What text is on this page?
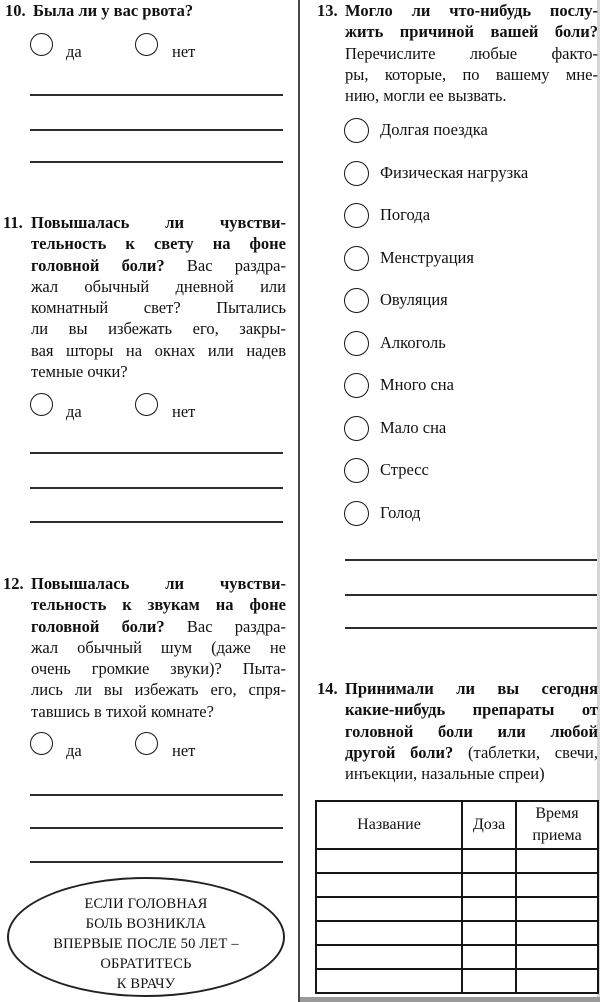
10. Была ли у вас рвота?
да	нет
11. Повышалась ли чувстви-
тельность к свету на фоне
головной боли? Вас раздра-
жал обычный дневной или
комнатный свет? Пытались
ли вы избежать его, закры-
вая шторы на окнах или надев
темные очки?
да	нет
12. Повышалась ли чувстви-
тельность к звукам на фоне
головной боли? Вас раздра-
жал обычный шум (даже не
очень громкие звуки)? Пыта-
лись ли вы избежать его, спря-
тавшись в тихой комнате?
да	нет
ЕСЛИ ГОЛОВНАЯ
БОЛЬ ВОЗНИКЛА
ВПЕРВЫЕ ПОСЛЕ 50 ЛЕТ –
ОБРАТИТЕСЬ
К ВРАЧУ
13. Могло ли что-нибудь послу-
жить причиной вашей боли?
Перечислите любые факто-
ры, которые, по вашему мне-
нию, могли ее вызвать.
Долгая поездка
Физическая нагрузка
Погода
Менструация
Овуляция
Алкоголь
Много сна
Мало сна
Стресс
Голод
14. Принимали ли вы сегодня
какие-нибудь препараты от
головной боли или любой
другой боли? (таблетки, свечи,
инъекции, назальные спреи)
Название	Доза	Время приема
